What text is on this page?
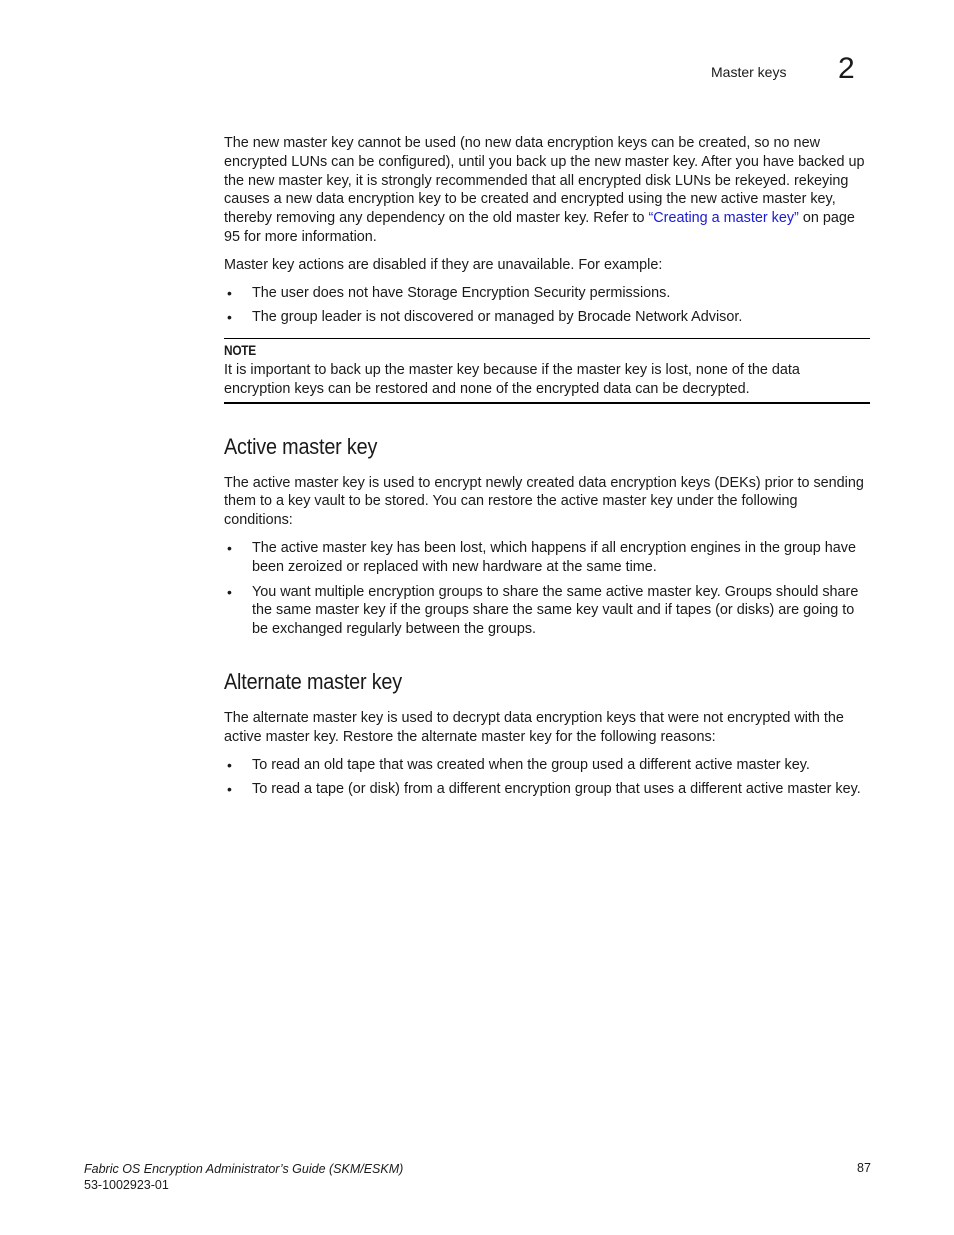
Master keys 2

The new master key cannot be used (no new data encryption keys can be created, so no new encrypted LUNs can be configured), until you back up the new master key. After you have backed up the new master key, it is strongly recommended that all encrypted disk LUNs be rekeyed. rekeying causes a new data encryption key to be created and encrypted using the new active master key, thereby removing any dependency on the old master key. Refer to “Creating a master key” on page 95 for more information.

Master key actions are disabled if they are unavailable. For example:

• The user does not have Storage Encryption Security permissions.
• The group leader is not discovered or managed by Brocade Network Advisor.
NOTE

It is important to back up the master key because if the master key is lost, none of the data encryption keys can be restored and none of the encrypted data can be decrypted.

Active master key

The active master key is used to encrypt newly created data encryption keys (DEKs) prior to sending them to a key vault to be stored. You can restore the active master key under the following conditions:

• The active master key has been lost, which happens if all encryption engines in the group have been zeroized or replaced with new hardware at the same time.
• You want multiple encryption groups to share the same active master key. Groups should share the same master key if the groups share the same key vault and if tapes (or disks) are going to be exchanged regularly between the groups.
Alternate master key

The alternate master key is used to decrypt data encryption keys that were not encrypted with the active master key. Restore the alternate master key for the following reasons:

• To read an old tape that was created when the group used a different active master key.
• To read a tape (or disk) from a different encryption group that uses a different active master key.
Fabric OS Encryption Administrator’s Guide (SKM/ESKM)
53-1002923-01
87
